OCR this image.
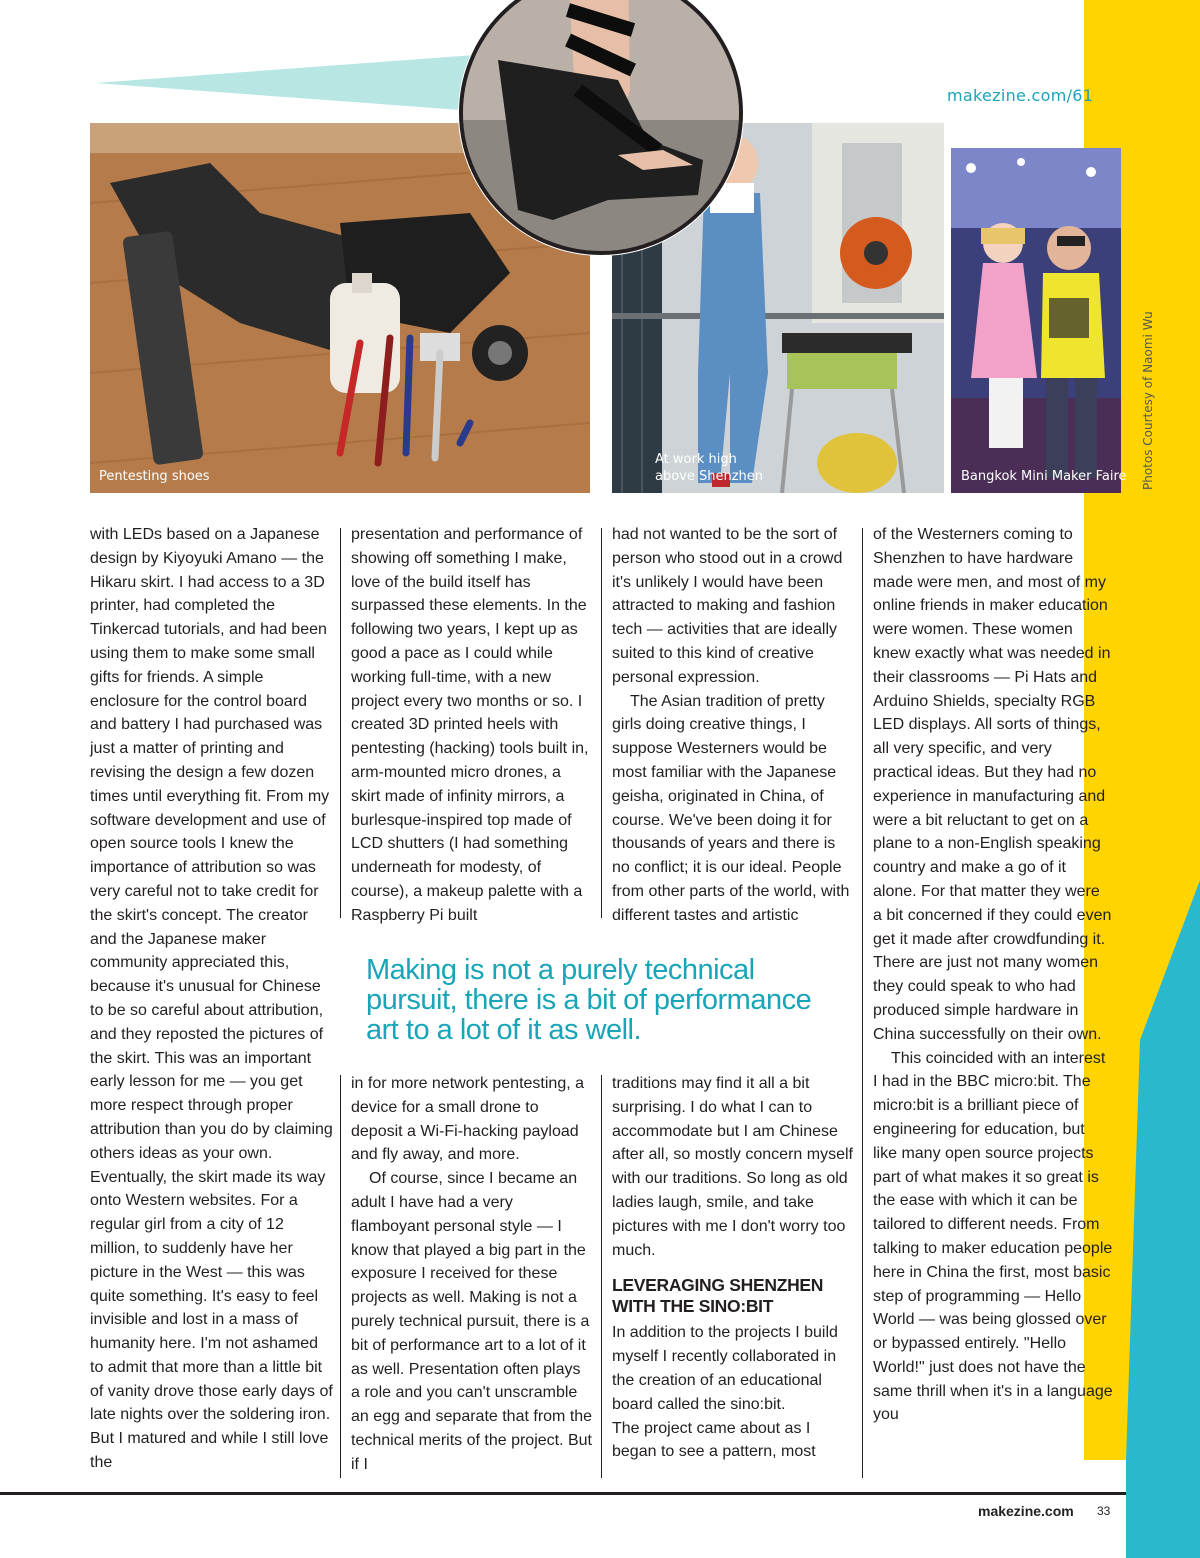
Pentesting shoes
At work high above Shenzhen	Bangkok Mini Maker Faire
makezine.com/61
Photos Courtesy of Naomi Wu

with LEDs based on a Japanese design by Kiyoyuki Amano — the Hikaru skirt. I had access to a 3D printer, had completed the Tinkercad tutorials, and had been using them to make some small gifts for friends. A simple enclosure for the control board and battery I had purchased was just a matter of printing and revising the design a few dozen times until everything fit. From my software development and use of open source tools I knew the importance of attribution so was very careful not to take credit for the skirt's concept. The creator and the Japanese maker community appreciated this, because it's unusual for Chinese to be so careful about attribution, and they reposted the pictures of the skirt. This was an important early lesson for me — you get more respect through proper attribution than you do by claiming others ideas as your own. Eventually, the skirt made its way onto Western websites. For a regular girl from a city of 12 million, to suddenly have her picture in the West — this was quite something. It's easy to feel invisible and lost in a mass of humanity here. I'm not ashamed to admit that more than a little bit of vanity drove those early days of late nights over the soldering iron. But I matured and while I still love the

presentation and performance of showing off something I make, love of the build itself has surpassed these elements. In the following two years, I kept up as good a pace as I could while working full-time, with a new project every two months or so. I created 3D printed heels with pentesting (hacking) tools built in, arm-mounted micro drones, a skirt made of infinity mirrors, a burlesque-inspired top made of LCD shutters (I had something underneath for modesty, of course), a makeup palette with a Raspberry Pi built

had not wanted to be the sort of person who stood out in a crowd it's unlikely I would have been attracted to making and fashion tech — activities that are ideally suited to this kind of creative personal expression.

The Asian tradition of pretty girls doing creative things, I suppose Westerners would be most familiar with the Japanese geisha, originated in China, of course. We've been doing it for thousands of years and there is no conflict; it is our ideal. People from other parts of the world, with different tastes and artistic

Making is not a purely technical pursuit, there is a bit of performance art to a lot of it as well.

in for more network pentesting, a device for a small drone to deposit a Wi-Fi-hacking payload and fly away, and more.

Of course, since I became an adult I have had a very flamboyant personal style — I know that played a big part in the exposure I received for these projects as well. Making is not a purely technical pursuit, there is a bit of performance art to a lot of it as well. Presentation often plays a role and you can't unscramble an egg and separate that from the technical merits of the project. But if I

traditions may find it all a bit surprising. I do what I can to accommodate but I am Chinese after all, so mostly concern myself with our traditions. So long as old ladies laugh, smile, and take pictures with me I don't worry too much.

LEVERAGING SHENZHEN WITH THE SINO:BIT

In addition to the projects I build myself I recently collaborated in the creation of an educational board called the sino:bit.

The project came about as I began to see a pattern, most

of the Westerners coming to Shenzhen to have hardware made were men, and most of my online friends in maker education were women. These women knew exactly what was needed in their classrooms — Pi Hats and Arduino Shields, specialty RGB LED displays. All sorts of things, all very specific, and very practical ideas. But they had no experience in manufacturing and were a bit reluctant to get on a plane to a non-English speaking country and make a go of it alone. For that matter they were a bit concerned if they could even get it made after crowdfunding it. There are just not many women they could speak to who had produced simple hardware in China successfully on their own.

This coincided with an interest I had in the BBC micro:bit. The micro:bit is a brilliant piece of engineering for education, but like many open source projects part of what makes it so great is the ease with which it can be tailored to different needs. From talking to maker education people here in China the first, most basic step of programming — Hello World — was being glossed over or bypassed entirely. "Hello World!" just does not have the same thrill when it's in a language you

makezine.com 33
